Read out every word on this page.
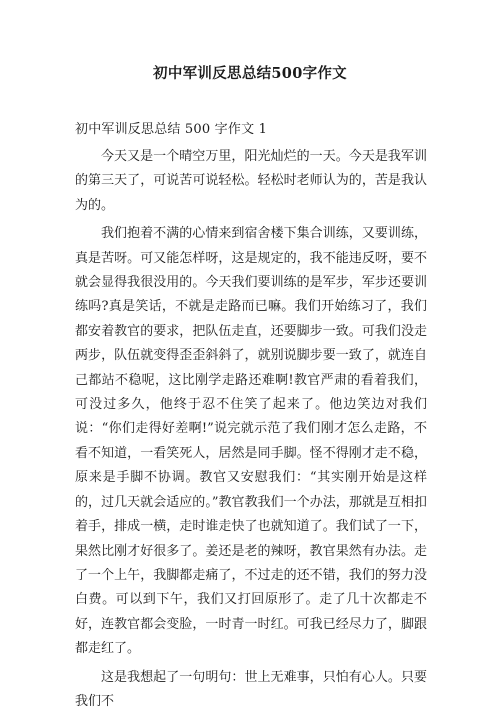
初中军训反思总结500字作文
初中军训反思总结 500 字作文 1

今天又是一个晴空万里，阳光灿烂的一天。今天是我军训的第三天了，可说苦可说轻松。轻松时老师认为的，苦是我认为的。

我们抱着不满的心情来到宿舍楼下集合训练，又要训练，真是苦呀。可又能怎样呀，这是规定的，我不能违反呀，要不就会显得我很没用的。今天我们要训练的是军步，军步还要训练吗?真是笑话，不就是走路而已嘛。我们开始练习了，我们都安着教官的要求，把队伍走直，还要脚步一致。可我们没走两步，队伍就变得歪歪斜斜了，就别说脚步要一致了，就连自己都站不稳呢，这比刚学走路还难啊!教官严肃的看着我们，可没过多久，他终于忍不住笑了起来了。他边笑边对我们说：“你们走得好差啊!”说完就示范了我们刚才怎么走路，不看不知道，一看笑死人，居然是同手脚。怪不得刚才走不稳，原来是手脚不协调。教官又安慰我们：“其实刚开始是这样的，过几天就会适应的。”教官教我们一个办法，那就是互相扣着手，排成一横，走时谁走快了也就知道了。我们试了一下，果然比刚才好很多了。姜还是老的辣呀，教官果然有办法。走了一个上午，我脚都走痛了，不过走的还不错，我们的努力没白费。可以到下午，我们又打回原形了。走了几十次都走不好，连教官都会变脸，一时青一时红。可我已经尽力了，脚跟都走红了。

这是我想起了一句明句：世上无难事，只怕有心人。只要我们不
